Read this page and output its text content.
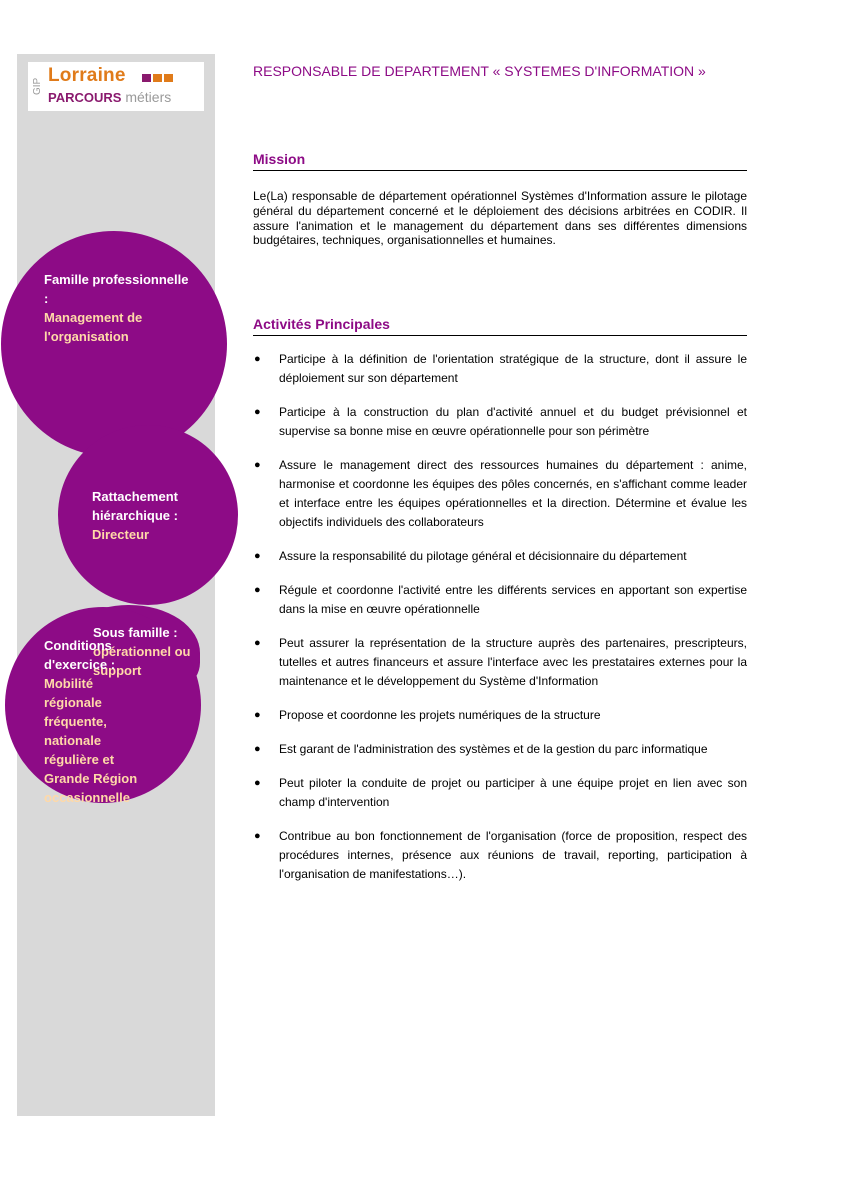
GIP
Lorraine
PARCOURS métiers
Famille professionnelle :
Management de l'organisation
Rattachement hiérarchique :
Directeur
Sous famille :
opérationnel ou support
Conditions d'exercice :
Mobilité régionale fréquente, nationale régulière et Grande Région occasionnelle
RESPONSABLE DE DEPARTEMENT « SYSTEMES D'INFORMATION »
Mission
Le(La) responsable de département opérationnel Systèmes d'Information assure le pilotage général du département concerné et le déploiement des décisions arbitrées en CODIR. Il assure l'animation et le management du département dans ses différentes dimensions budgétaires, techniques, organisationnelles et humaines.
Activités Principales
● Participe à la définition de l'orientation stratégique de la structure, dont il assure le déploiement sur son département
● Participe à la construction du plan d'activité annuel et du budget prévisionnel et supervise sa bonne mise en œuvre opérationnelle pour son périmètre
● Assure le management direct des ressources humaines du département : anime, harmonise et coordonne les équipes des pôles concernés, en s'affichant comme leader et interface entre les équipes opérationnelles et la direction. Détermine et évalue les objectifs individuels des collaborateurs
● Assure la responsabilité du pilotage général et décisionnaire du département
● Régule et coordonne l'activité entre les différents services en apportant son expertise dans la mise en œuvre opérationnelle
● Peut assurer la représentation de la structure auprès des partenaires, prescripteurs, tutelles et autres financeurs et assure l'interface avec les prestataires externes pour la maintenance et le développement du Système d'Information
● Propose et coordonne les projets numériques de la structure
● Est garant de l'administration des systèmes et de la gestion du parc informatique
● Peut piloter la conduite de projet ou participer à une équipe projet en lien avec son champ d'intervention
● Contribue au bon fonctionnement de l'organisation (force de proposition, respect des procédures internes, présence aux réunions de travail, reporting, participation à l'organisation de manifestations…).
